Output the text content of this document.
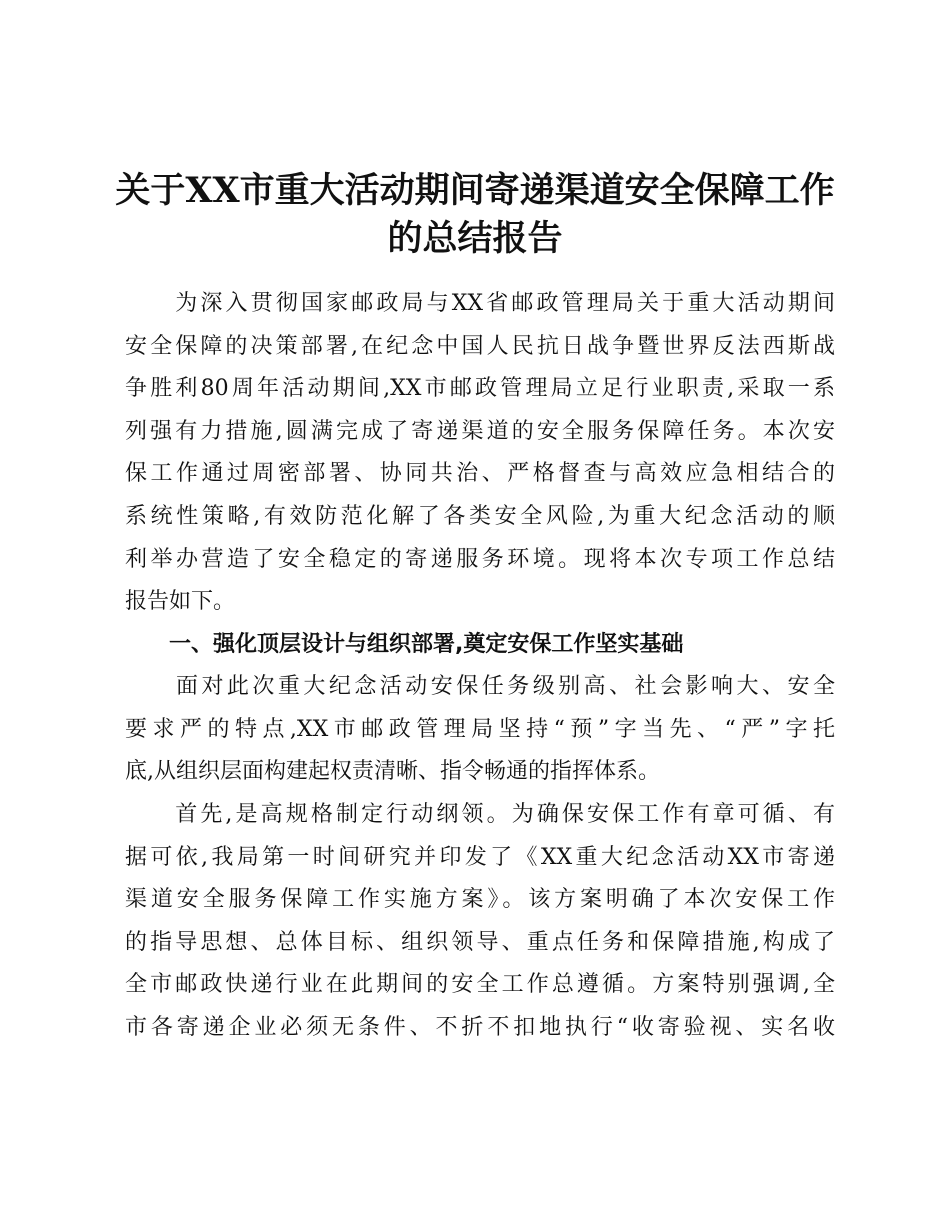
关于XX市重大活动期间寄递渠道安全保障工作
的总结报告
　　为深入贯彻国家邮政局与XX省邮政管理局关于重大活动期间
安全保障的决策部署,在纪念中国人民抗日战争暨世界反法西斯战
争胜利80周年活动期间,XX市邮政管理局立足行业职责,采取一系
列强有力措施,圆满完成了寄递渠道的安全服务保障任务。本次安
保工作通过周密部署、协同共治、严格督查与高效应急相结合的
系统性策略,有效防范化解了各类安全风险,为重大纪念活动的顺
利举办营造了安全稳定的寄递服务环境。现将本次专项工作总结
报告如下。
　　一、强化顶层设计与组织部署,奠定安保工作坚实基础
　　面对此次重大纪念活动安保任务级别高、社会影响大、安全
要求严的特点,XX市邮政管理局坚持“预”字当先、“严”字托
底,从组织层面构建起权责清晰、指令畅通的指挥体系。
　　首先,是高规格制定行动纲领。为确保安保工作有章可循、有
据可依,我局第一时间研究并印发了《XX重大纪念活动XX市寄递
渠道安全服务保障工作实施方案》。该方案明确了本次安保工作
的指导思想、总体目标、组织领导、重点任务和保障措施,构成了
全市邮政快递行业在此期间的安全工作总遵循。方案特别强调,全
市各寄递企业必须无条件、不折不扣地执行“收寄验视、实名收
